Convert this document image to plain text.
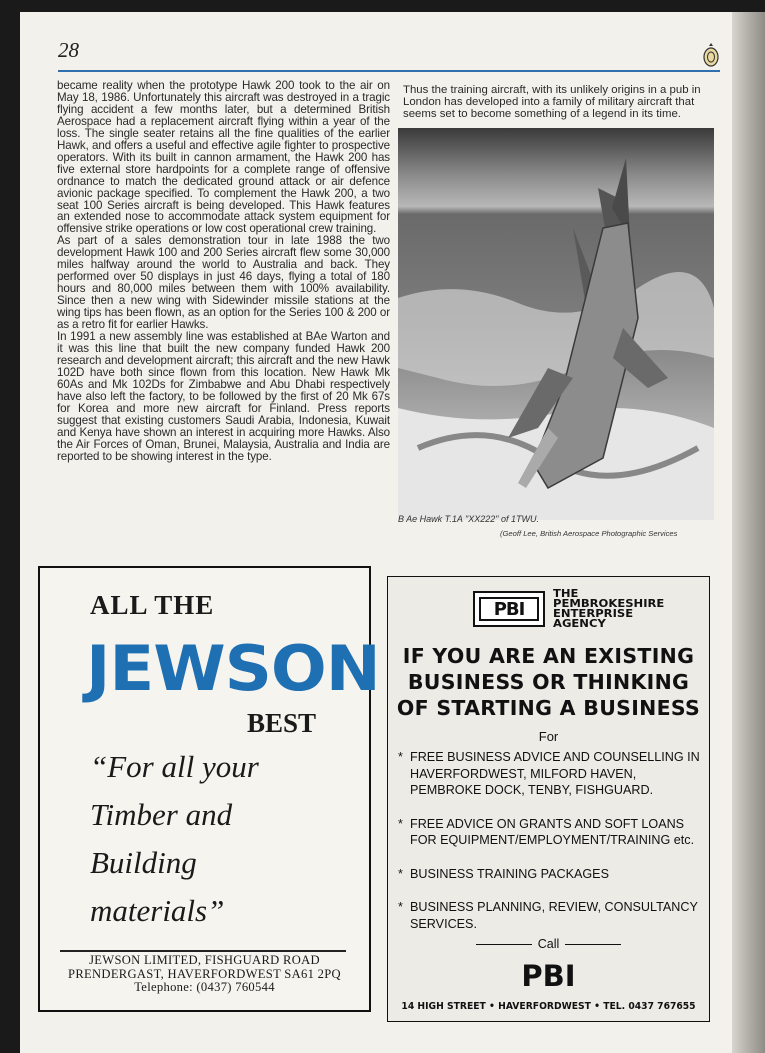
28

became reality when the prototype Hawk 200 took to the air on May 18, 1986. Unfortunately this aircraft was destroyed in a tragic flying accident a few months later, but a determined British Aerospace had a replacement aircraft flying within a year of the loss. The single seater retains all the fine qualities of the earlier Hawk, and offers a useful and effective agile fighter to prospective operators. With its built in cannon armament, the Hawk 200 has five external store hardpoints for a complete range of offensive ordnance to match the dedicated ground attack or air defence avionic package specified. To complement the Hawk 200, a two seat 100 Series aircraft is being developed. This Hawk features an extended nose to accommodate attack system equipment for offensive strike operations or low cost operational crew training.

As part of a sales demonstration tour in late 1988 the two development Hawk 100 and 200 Series aircraft flew some 30,000 miles halfway around the world to Australia and back. They performed over 50 displays in just 46 days, flying a total of 180 hours and 80,000 miles between them with 100% availability. Since then a new wing with Sidewinder missile stations at the wing tips has been flown, as an option for the Series 100 & 200 or as a retro fit for earlier Hawks.

In 1991 a new assembly line was established at BAe Warton and it was this line that built the new company funded Hawk 200 research and development aircraft; this aircraft and the new Hawk 102D have both since flown from this location. New Hawk Mk 60As and Mk 102Ds for Zimbabwe and Abu Dhabi respectively have also left the factory, to be followed by the first of 20 Mk 67s for Korea and more new aircraft for Finland. Press reports suggest that existing customers Saudi Arabia, Indonesia, Kuwait and Kenya have shown an interest in acquiring more Hawks. Also the Air Forces of Oman, Brunei, Malaysia, Australia and India are reported to be showing interest in the type.

Thus the training aircraft, with its unlikely origins in a pub in London has developed into a family of military aircraft that seems set to become something of a legend in its time.

B Ae Hawk T.1A "XX222" of 1TWU.
(Geoff Lee, British Aerospace Photographic Services
ALL THE
JEWSON
BEST
“For all your
Timber and
Building
materials”
JEWSON LIMITED, FISHGUARD ROAD
PRENDERGAST, HAVERFORDWEST SA61 2PQ
Telephone: (0437) 760544
PBI
THE
PEMBROKESHIRE
ENTERPRISE
AGENCY
IF YOU ARE AN EXISTING
BUSINESS OR THINKING
OF STARTING A BUSINESS
For
* FREE BUSINESS ADVICE AND COUNSELLING IN HAVERFORDWEST, MILFORD HAVEN, PEMBROKE DOCK, TENBY, FISHGUARD.
* FREE ADVICE ON GRANTS AND SOFT LOANS FOR EQUIPMENT/EMPLOYMENT/TRAINING etc.
* BUSINESS TRAINING PACKAGES
* BUSINESS PLANNING, REVIEW, CONSULTANCY SERVICES.
Call
PBI
14 HIGH STREET • HAVERFORDWEST • TEL. 0437 767655
